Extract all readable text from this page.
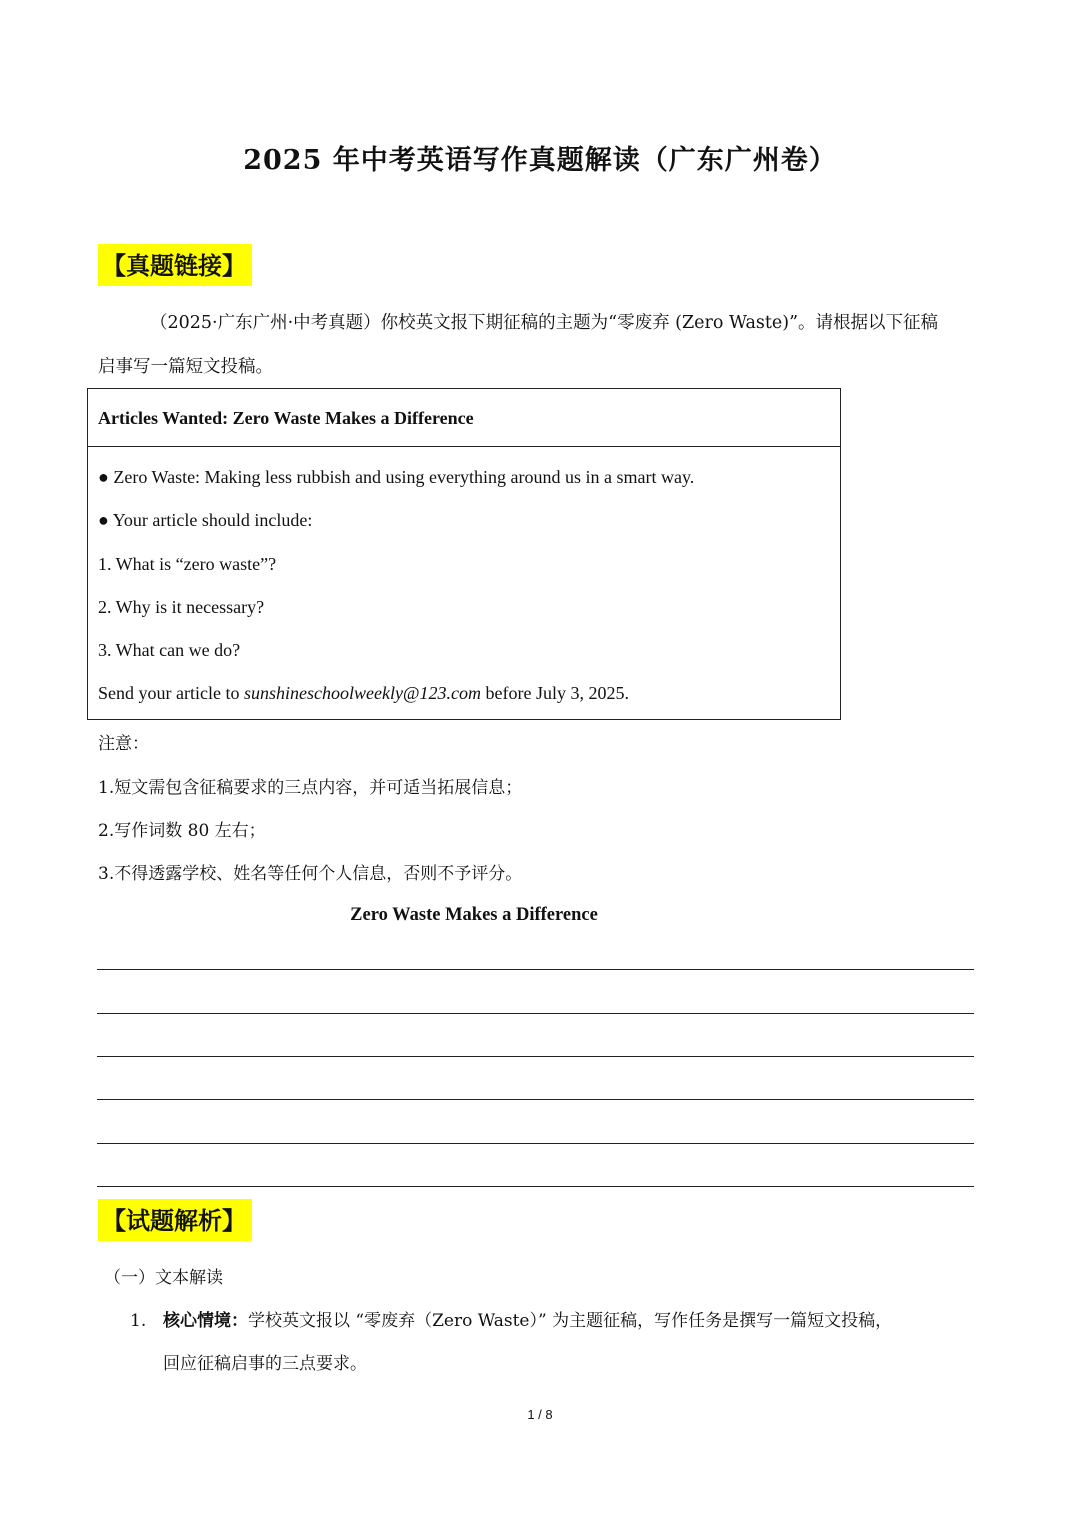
2025 年中考英语写作真题解读（广东广州卷）
【真题链接】
（2025·广东广州·中考真题）你校英文报下期征稿的主题为“零废弃 (Zero Waste)”。请根据以下征稿
启事写一篇短文投稿。
Articles Wanted: Zero Waste Makes a Difference
● Zero Waste: Making less rubbish and using everything around us in a smart way.
● Your article should include:
1. What is “zero waste”?
2. Why is it necessary?
3. What can we do?
Send your article to sunshineschoolweekly@123.com before July 3, 2025.
注意：
1.短文需包含征稿要求的三点内容，并可适当拓展信息；
2.写作词数 80 左右；
3.不得透露学校、姓名等任何个人信息，否则不予评分。
Zero Waste Makes a Difference
【试题解析】
（一）文本解读
1. 核心情境：学校英文报以 “零废弃（Zero Waste）” 为主题征稿，写作任务是撰写一篇短文投稿，
回应征稿启事的三点要求。
1 / 8
